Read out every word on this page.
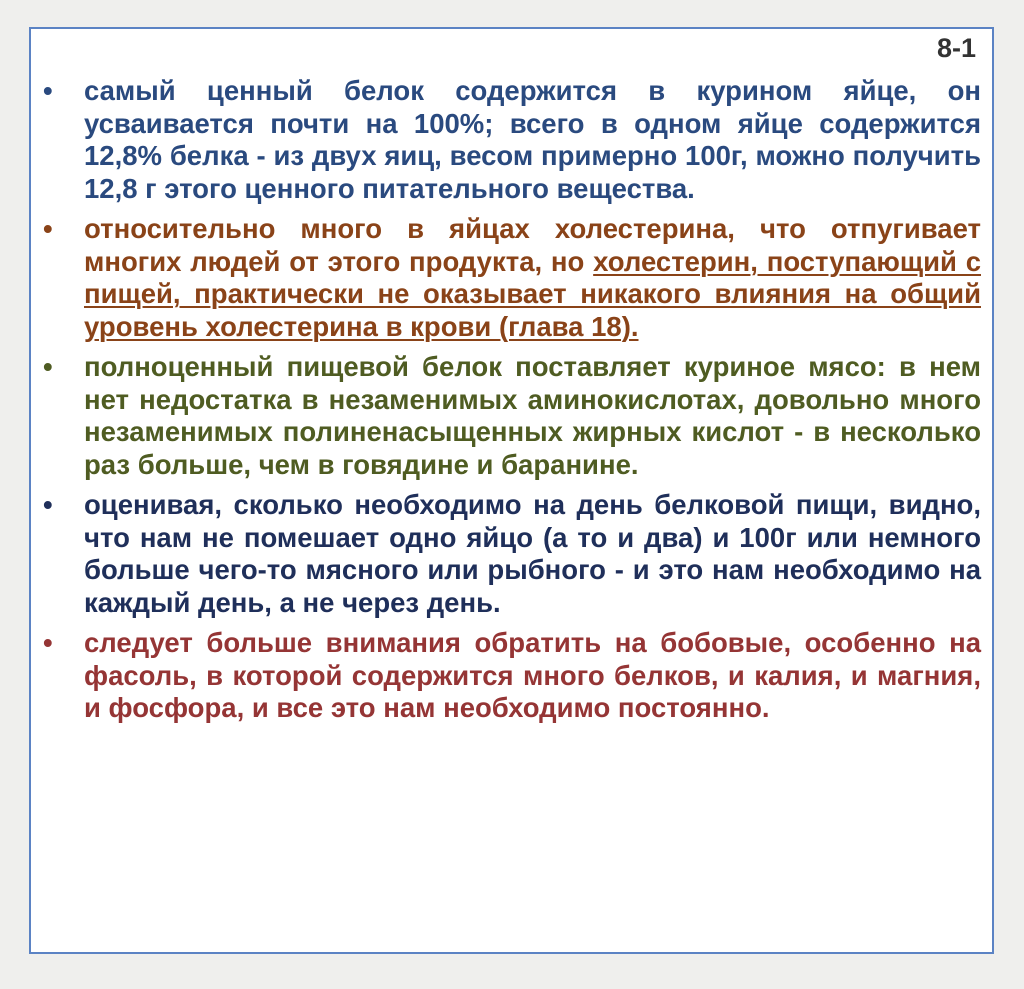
8-1
• самый ценный белок содержится в курином яйце, он усваивается почти на 100%; всего в одном яйце содержится 12,8% белка - из двух яиц, весом примерно 100г, можно получить 12,8 г этого ценного питательного вещества.
• относительно много в яйцах холестерина, что отпугивает многих людей от этого продукта, но холестерин, поступающий с пищей, практически не оказывает никакого влияния на общий уровень холестерина в крови (глава 18).
• полноценный пищевой белок поставляет куриное мясо: в нем нет недостатка в незаменимых аминокислотах, довольно много незаменимых полиненасыщенных жирных кислот - в несколько раз больше, чем в говядине и баранине.
• оценивая, сколько необходимо на день белковой пищи, видно, что нам не помешает одно яйцо (а то и два) и 100г или немного больше чего-то мясного или рыбного - и это нам необходимо на каждый день, а не через день.
• следует больше внимания обратить на бобовые, особенно на фасоль, в которой содержится много белков, и калия, и магния, и фосфора, и все это нам необходимо постоянно.
